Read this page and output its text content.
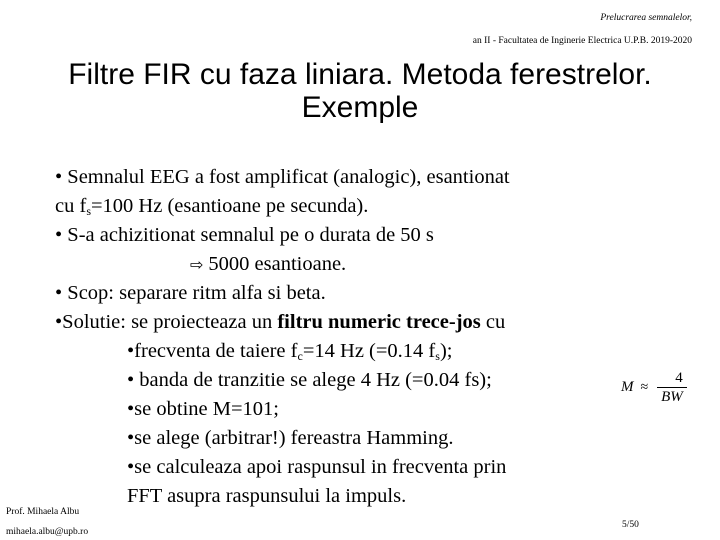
Prelucrarea semnalelor,
an II - Facultatea de Inginerie Electrica U.P.B. 2019-2020
Filtre FIR cu faza liniara. Metoda ferestrelor.
Exemple
• Semnalul EEG a fost amplificat (analogic), esantionat
cu $f_s=100$ Hz (esantioane pe secunda).
• S-a achizitionat semnalul pe o durata de 50 s
⇨ 5000 esantioane.
• Scop: separare ritm alfa si beta.
•Solutie: se proiecteaza un filtru numeric trece-jos cu
•frecventa de taiere $f_c=14$ Hz (=0.14 $f_s$);
• banda de tranzitie se alege 4 Hz (=0.04 fs);
•se obtine M=101;
•se alege (arbitrar!) fereastra Hamming.
•se calculeaza apoi raspunsul in frecventa prin
FFT asupra raspunsului la impuls.
$M \approx \frac{4}{BW}$
Prof. Mihaela Albu
mihaela.albu@upb.ro
5/50
